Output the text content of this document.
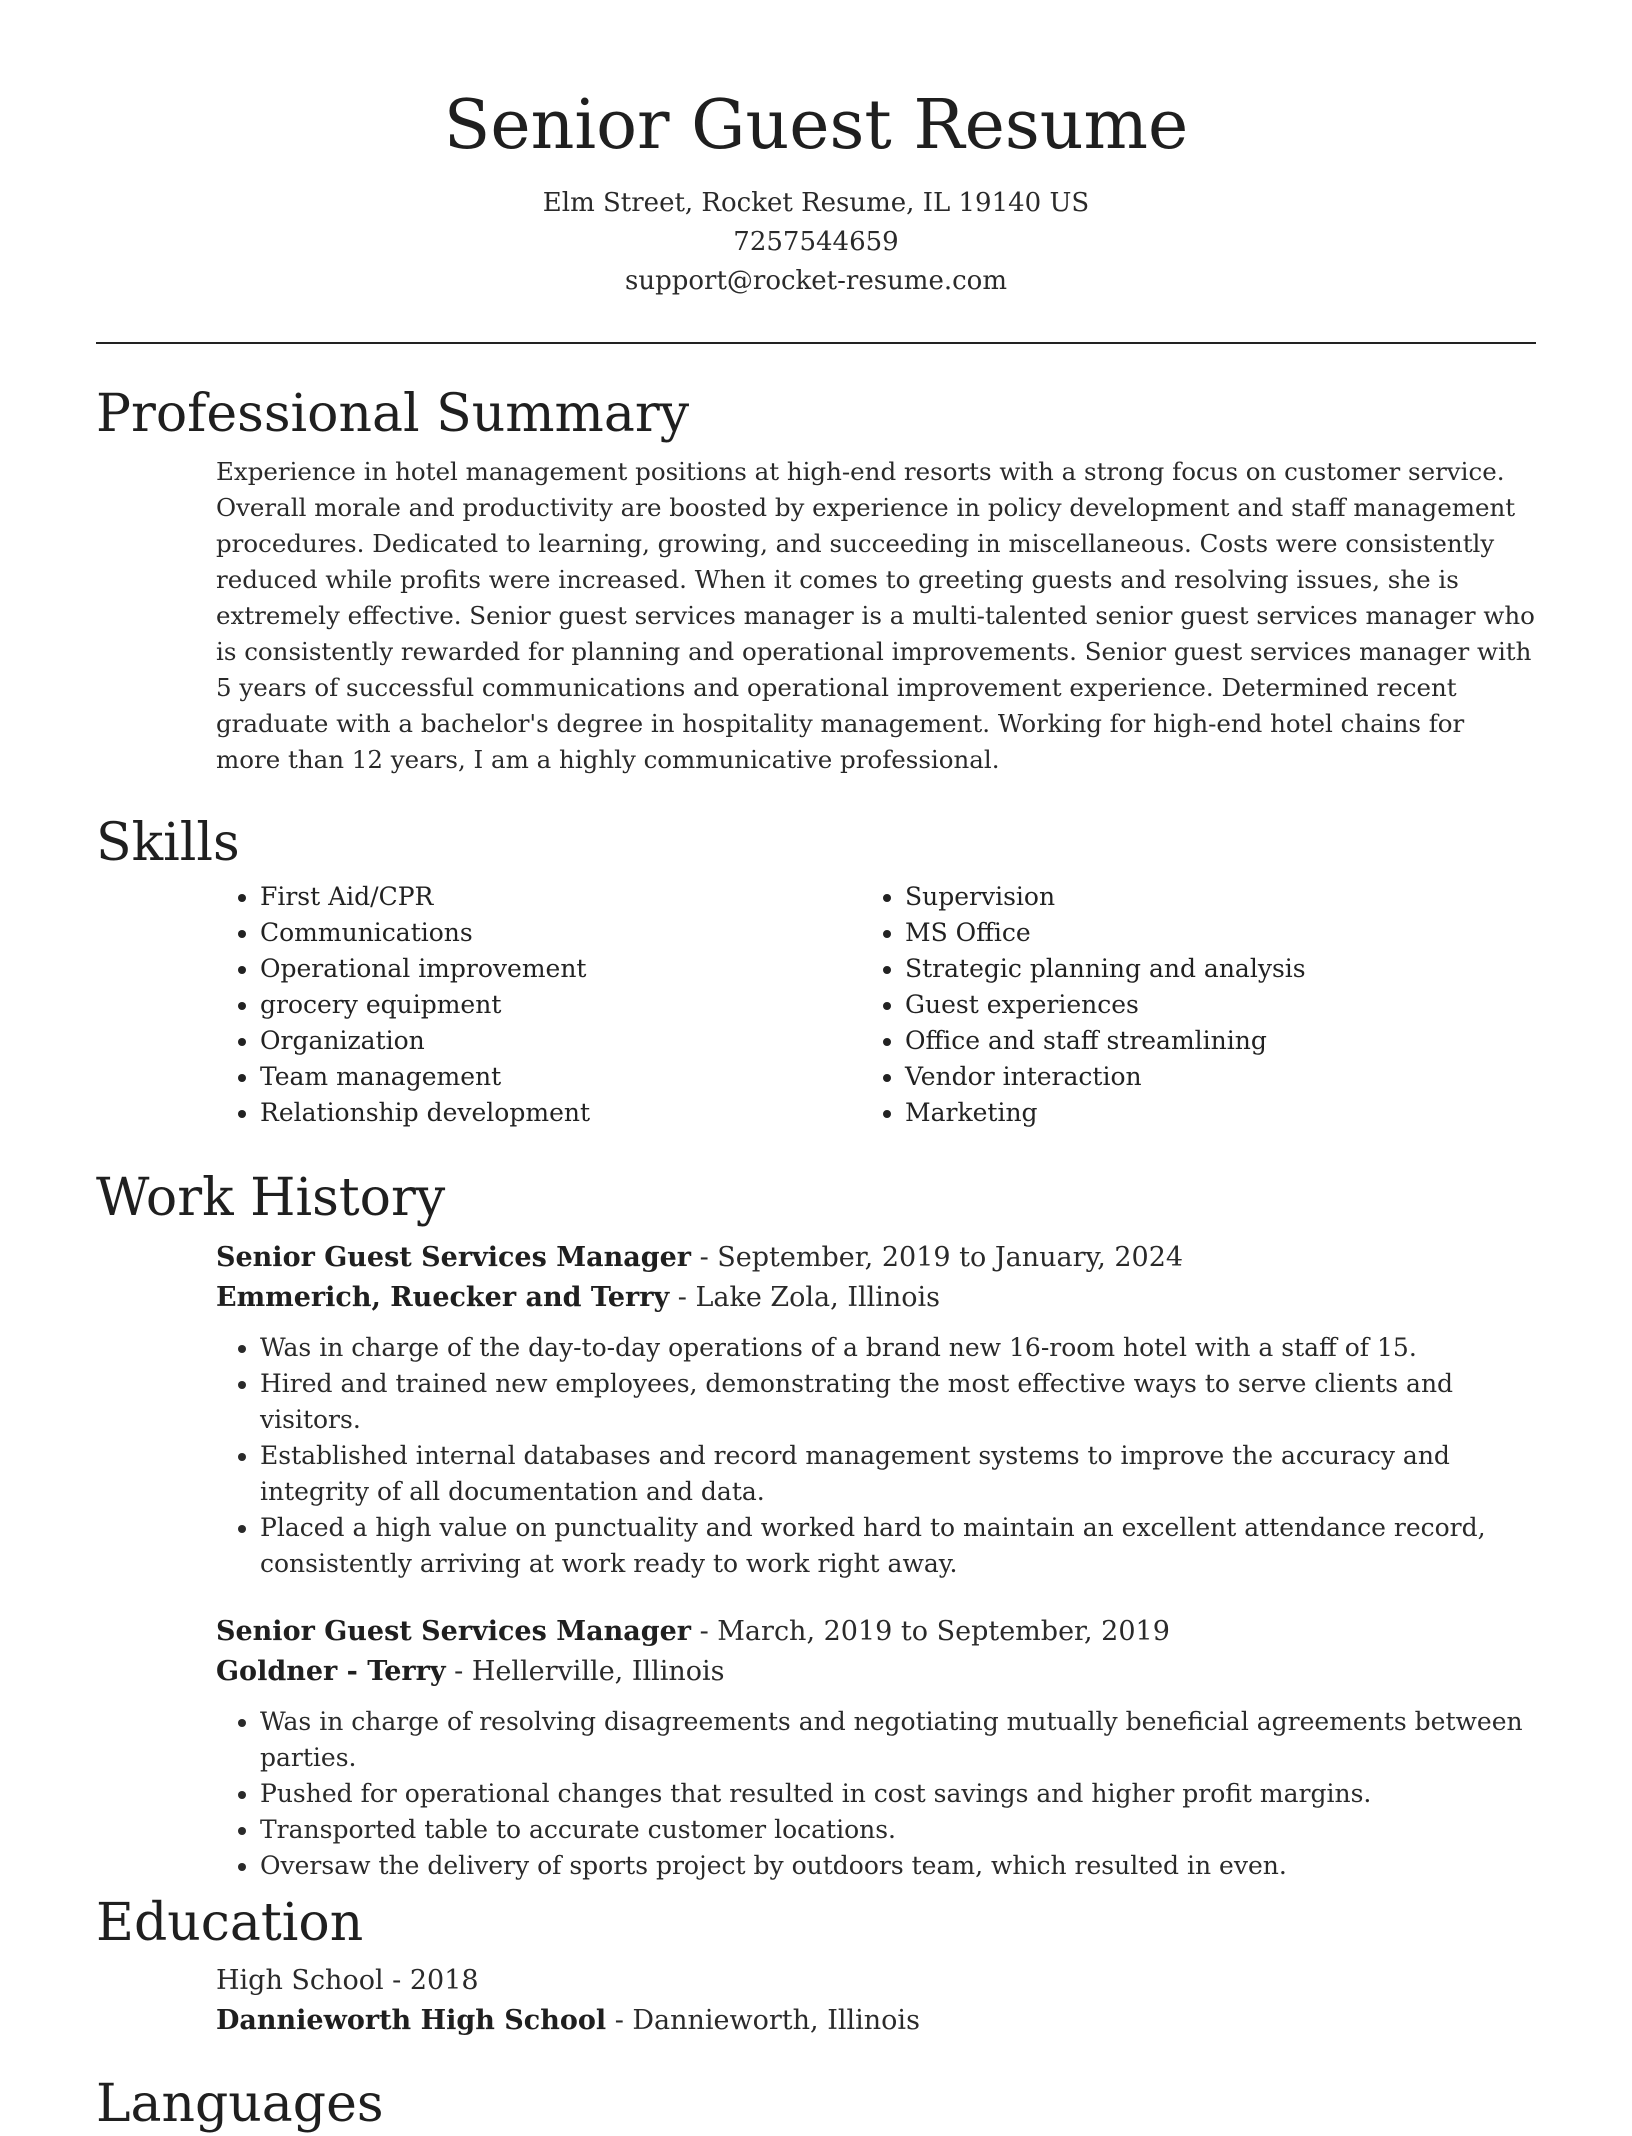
Senior Guest Resume
Elm Street, Rocket Resume, IL 19140 US
7257544659
support@rocket-resume.com
Professional Summary
Experience in hotel management positions at high-end resorts with a strong focus on customer service. Overall morale and productivity are boosted by experience in policy development and staff management procedures. Dedicated to learning, growing, and succeeding in miscellaneous. Costs were consistently reduced while profits were increased. When it comes to greeting guests and resolving issues, she is extremely effective. Senior guest services manager is a multi-talented senior guest services manager who is consistently rewarded for planning and operational improvements. Senior guest services manager with 5 years of successful communications and operational improvement experience. Determined recent graduate with a bachelor's degree in hospitality management. Working for high-end hotel chains for more than 12 years, I am a highly communicative professional.
Skills
• First Aid/CPR
• Communications
• Operational improvement
• grocery equipment
• Organization
• Team management
• Relationship development
• Supervision
• MS Office
• Strategic planning and analysis
• Guest experiences
• Office and staff streamlining
• Vendor interaction
• Marketing
Work History
Senior Guest Services Manager - September, 2019 to January, 2024
Emmerich, Ruecker and Terry - Lake Zola, Illinois
• Was in charge of the day-to-day operations of a brand new 16-room hotel with a staff of 15.
• Hired and trained new employees, demonstrating the most effective ways to serve clients and visitors.
• Established internal databases and record management systems to improve the accuracy and integrity of all documentation and data.
• Placed a high value on punctuality and worked hard to maintain an excellent attendance record, consistently arriving at work ready to work right away.
Senior Guest Services Manager - March, 2019 to September, 2019
Goldner - Terry - Hellerville, Illinois
• Was in charge of resolving disagreements and negotiating mutually beneficial agreements between parties.
• Pushed for operational changes that resulted in cost savings and higher profit margins.
• Transported table to accurate customer locations.
• Oversaw the delivery of sports project by outdoors team, which resulted in even.
Education
High School - 2018
Dannieworth High School - Dannieworth, Illinois
Languages
